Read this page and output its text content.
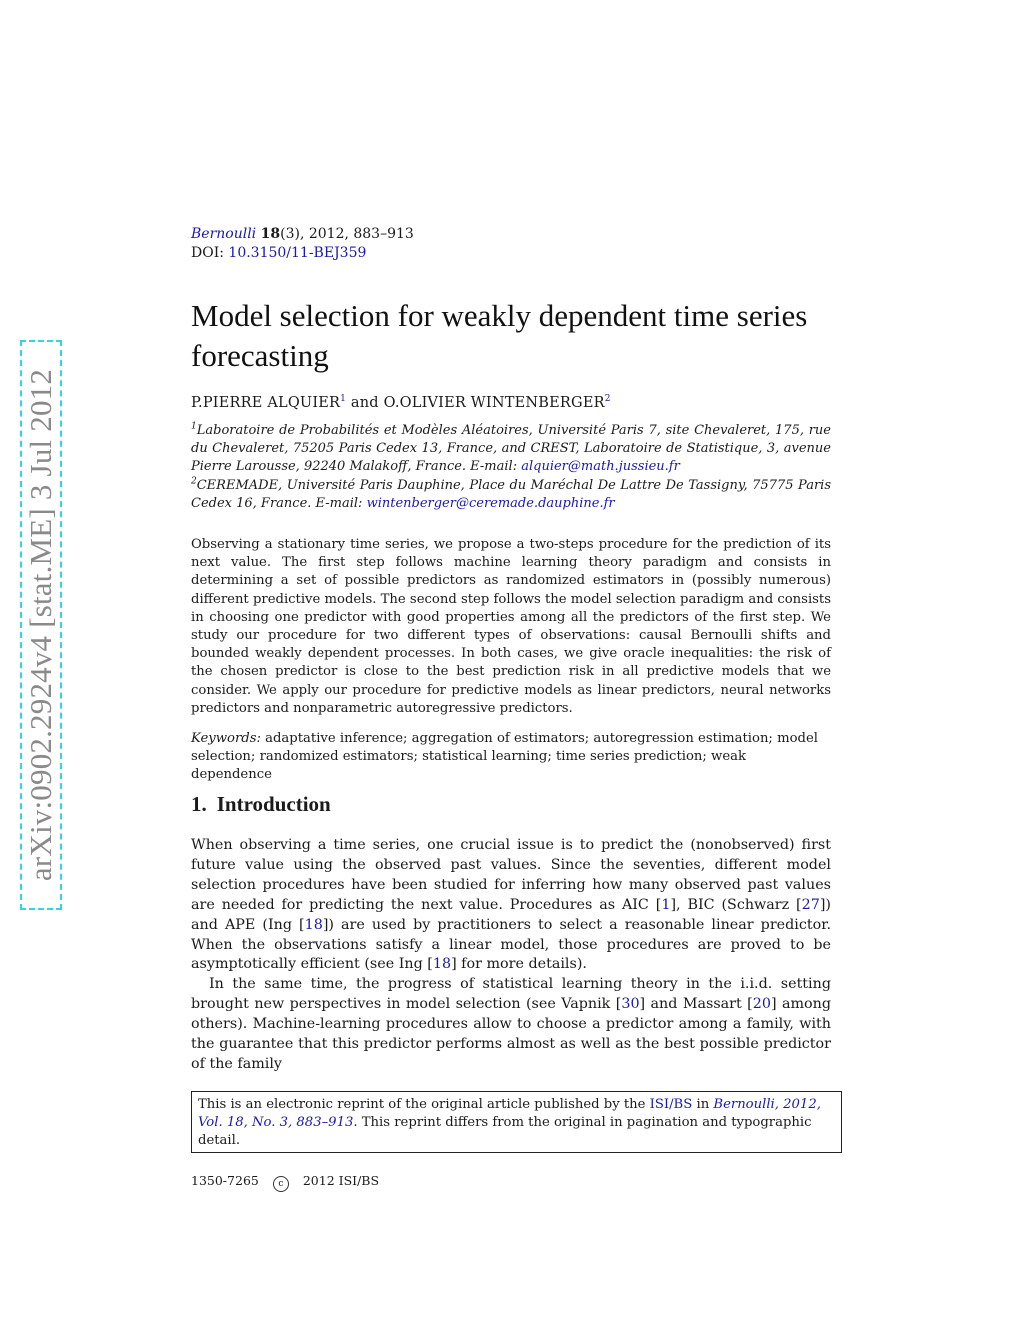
arXiv:0902.2924v4 [stat.ME] 3 Jul 2012
Bernoulli 18(3), 2012, 883–913
DOI: 10.3150/11-BEJ359
Model selection for weakly dependent time series forecasting
P.PIERRE ALQUIER$^1$ and O.OLIVIER WINTENBERGER$^2$

$^1$Laboratoire de Probabilités et Modèles Aléatoires, Université Paris 7, site Chevaleret, 175, rue du Chevaleret, 75205 Paris Cedex 13, France, and CREST, Laboratoire de Statistique, 3, avenue Pierre Larousse, 92240 Malakoff, France. E-mail: alquier@math.jussieu.fr

$^2$CEREMADE, Université Paris Dauphine, Place du Maréchal De Lattre De Tassigny, 75775 Paris Cedex 16, France. E-mail: wintenberger@ceremade.dauphine.fr

Observing a stationary time series, we propose a two-steps procedure for the prediction of its next value. The first step follows machine learning theory paradigm and consists in determining a set of possible predictors as randomized estimators in (possibly numerous) different predictive models. The second step follows the model selection paradigm and consists in choosing one predictor with good properties among all the predictors of the first step. We study our procedure for two different types of observations: causal Bernoulli shifts and bounded weakly dependent processes. In both cases, we give oracle inequalities: the risk of the chosen predictor is close to the best prediction risk in all predictive models that we consider. We apply our procedure for predictive models as linear predictors, neural networks predictors and nonparametric autoregressive predictors.
Keywords: adaptative inference; aggregation of estimators; autoregression estimation; model selection; randomized estimators; statistical learning; time series prediction; weak dependence
1. Introduction

When observing a time series, one crucial issue is to predict the (nonobserved) first future value using the observed past values. Since the seventies, different model selection procedures have been studied for inferring how many observed past values are needed for predicting the next value. Procedures as AIC [1], BIC (Schwarz [27]) and APE (Ing [18]) are used by practitioners to select a reasonable linear predictor. When the observations satisfy a linear model, those procedures are proved to be asymptotically efficient (see Ing [18] for more details).

In the same time, the progress of statistical learning theory in the i.i.d. setting brought new perspectives in model selection (see Vapnik [30] and Massart [20] among others). Machine-learning procedures allow to choose a predictor among a family, with the guarantee that this predictor performs almost as well as the best possible predictor of the family

This is an electronic reprint of the original article published by the ISI/BS in Bernoulli, 2012, Vol. 18, No. 3, 883–913. This reprint differs from the original in pagination and typographic detail.
1350-7265 c 2012 ISI/BS
